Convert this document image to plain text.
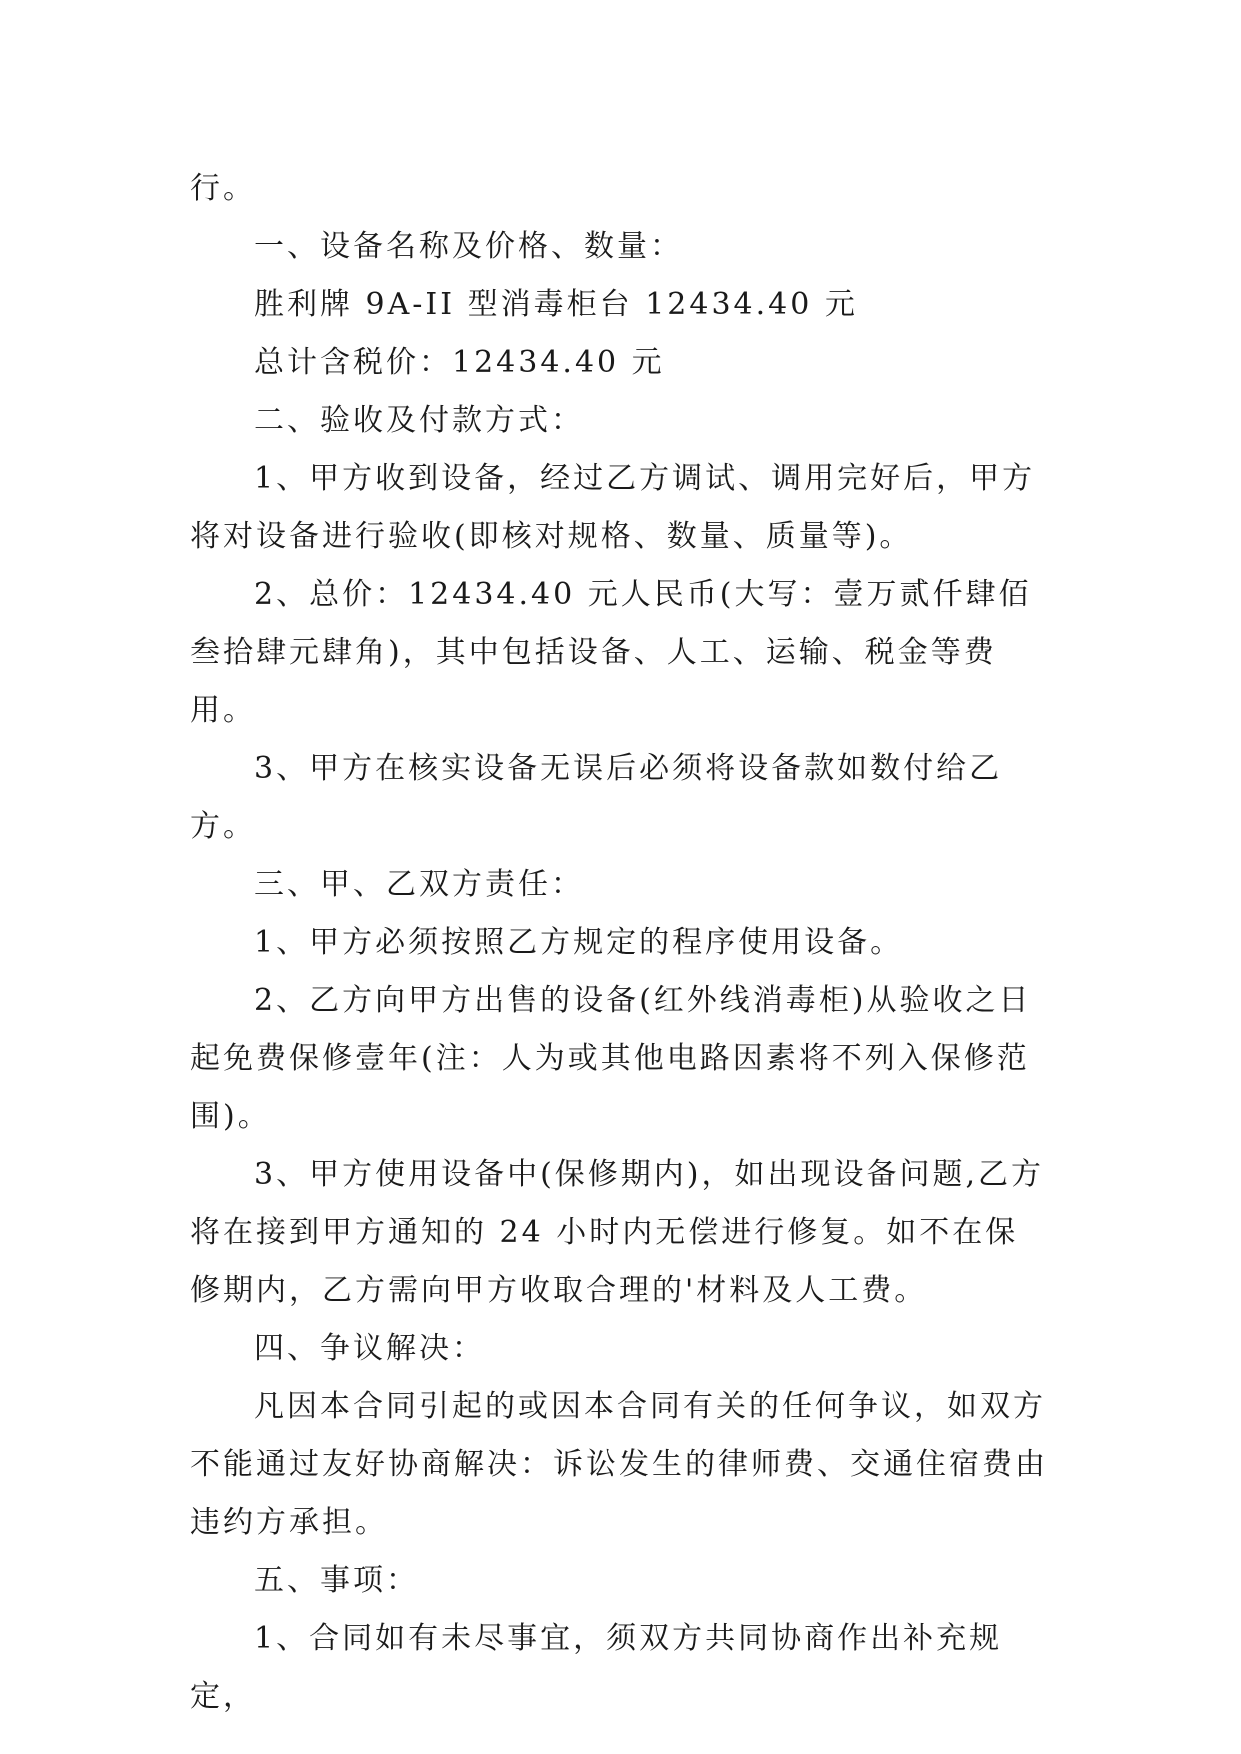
行。

一、设备名称及价格、数量：

胜利牌 9A-II 型消毒柜台 12434.40 元

总计含税价：12434.40 元

二、验收及付款方式：

1、甲方收到设备，经过乙方调试、调用完好后，甲方将对设备进行验收(即核对规格、数量、质量等)。

2、总价：12434.40 元人民币(大写：壹万贰仟肆佰叁拾肆元肆角)，其中包括设备、人工、运输、税金等费用。

3、甲方在核实设备无误后必须将设备款如数付给乙方。

三、甲、乙双方责任：

1、甲方必须按照乙方规定的程序使用设备。

2、乙方向甲方出售的设备(红外线消毒柜)从验收之日起免费保修壹年(注：人为或其他电路因素将不列入保修范围)。

3、甲方使用设备中(保修期内)，如出现设备问题,乙方将在接到甲方通知的 24 小时内无偿进行修复。如不在保修期内，乙方需向甲方收取合理的'材料及人工费。

四、争议解决：

凡因本合同引起的或因本合同有关的任何争议，如双方不能通过友好协商解决：诉讼发生的律师费、交通住宿费由违约方承担。

五、事项：

1、合同如有未尽事宜，须双方共同协商作出补充规定，
